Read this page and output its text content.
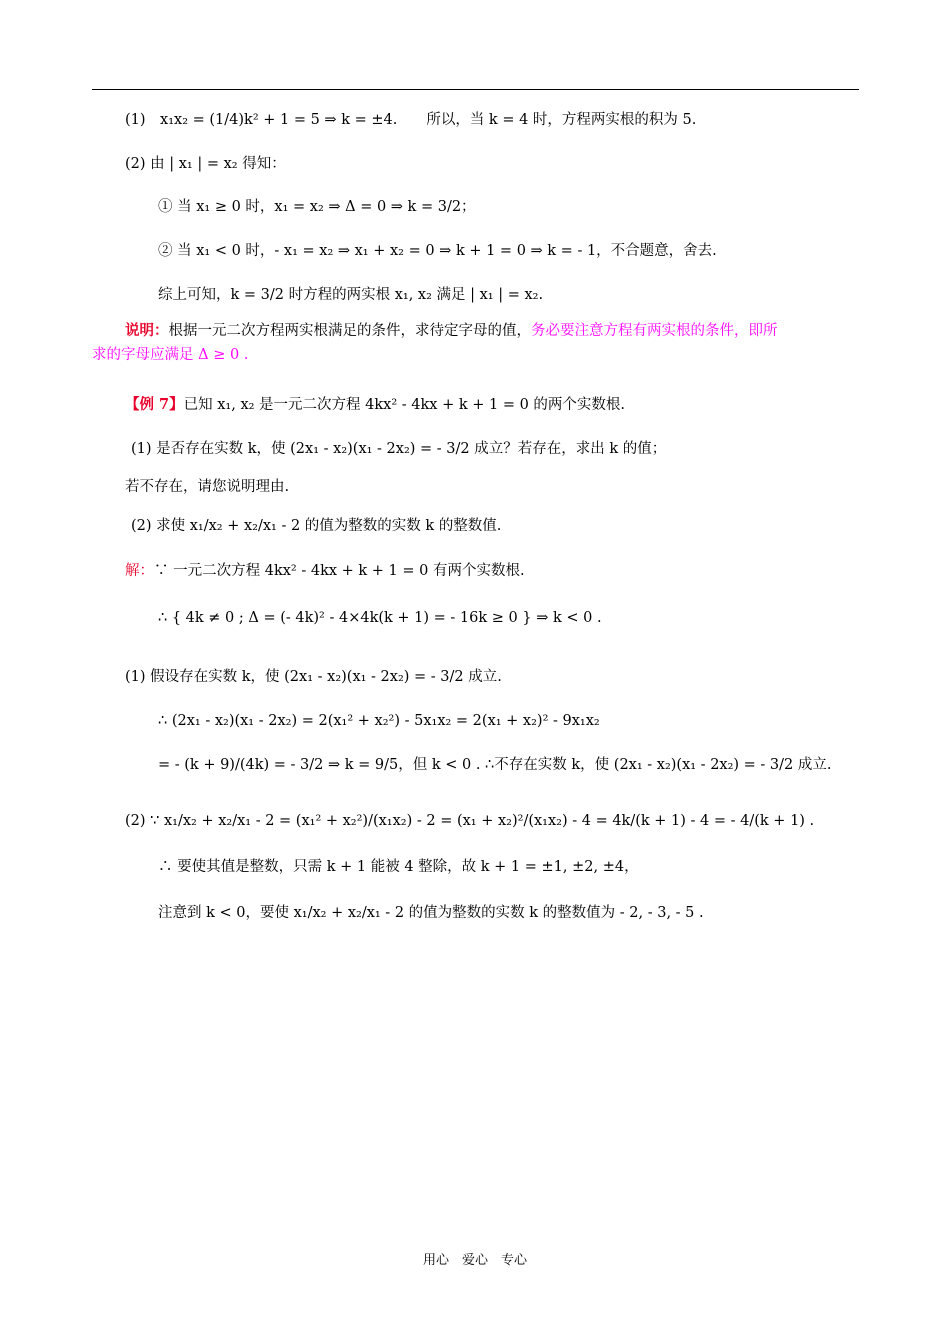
(1)　x₁x₂ = (1/4)k² + 1 = 5 ⇒ k = ±4.　　所以，当 k = 4 时，方程两实根的积为 5.
(2) 由 | x₁ | = x₂ 得知：
① 当 x₁ ≥ 0 时，x₁ = x₂ ⇒ Δ = 0 ⇒ k = 3/2；
② 当 x₁ < 0 时，- x₁ = x₂ ⇒ x₁ + x₂ = 0 ⇒ k + 1 = 0 ⇒ k = - 1，不合题意，舍去.
综上可知，k = 3/2 时方程的两实根 x₁, x₂ 满足 | x₁ | = x₂.
说明：根据一元二次方程两实根满足的条件，求待定字母的值，务必要注意方程有两实根的条件，即所
求的字母应满足 Δ ≥ 0 .
【例 7】已知 x₁, x₂ 是一元二次方程 4kx² - 4kx + k + 1 = 0 的两个实数根.
(1) 是否存在实数 k，使 (2x₁ - x₂)(x₁ - 2x₂) = - 3/2 成立？若存在，求出 k 的值；
若不存在，请您说明理由.
(2) 求使 x₁/x₂ + x₂/x₁ - 2 的值为整数的实数 k 的整数值.
解：∵ 一元二次方程 4kx² - 4kx + k + 1 = 0 有两个实数根.
∴ { 4k ≠ 0 ; Δ = (- 4k)² - 4×4k(k + 1) = - 16k ≥ 0 } ⇒ k < 0 .
(1) 假设存在实数 k，使 (2x₁ - x₂)(x₁ - 2x₂) = - 3/2 成立.
∴ (2x₁ - x₂)(x₁ - 2x₂) = 2(x₁² + x₂²) - 5x₁x₂ = 2(x₁ + x₂)² - 9x₁x₂
= - (k + 9)/(4k) = - 3/2 ⇒ k = 9/5，但 k < 0 . ∴不存在实数 k，使 (2x₁ - x₂)(x₁ - 2x₂) = - 3/2 成立.
(2) ∵ x₁/x₂ + x₂/x₁ - 2 = (x₁² + x₂²)/(x₁x₂) - 2 = (x₁ + x₂)²/(x₁x₂) - 4 = 4k/(k + 1) - 4 = - 4/(k + 1) .
∴ 要使其值是整数，只需 k + 1 能被 4 整除，故 k + 1 = ±1, ±2, ±4，
注意到 k < 0，要使 x₁/x₂ + x₂/x₁ - 2 的值为整数的实数 k 的整数值为 - 2, - 3, - 5 .
用心　爱心　专心
